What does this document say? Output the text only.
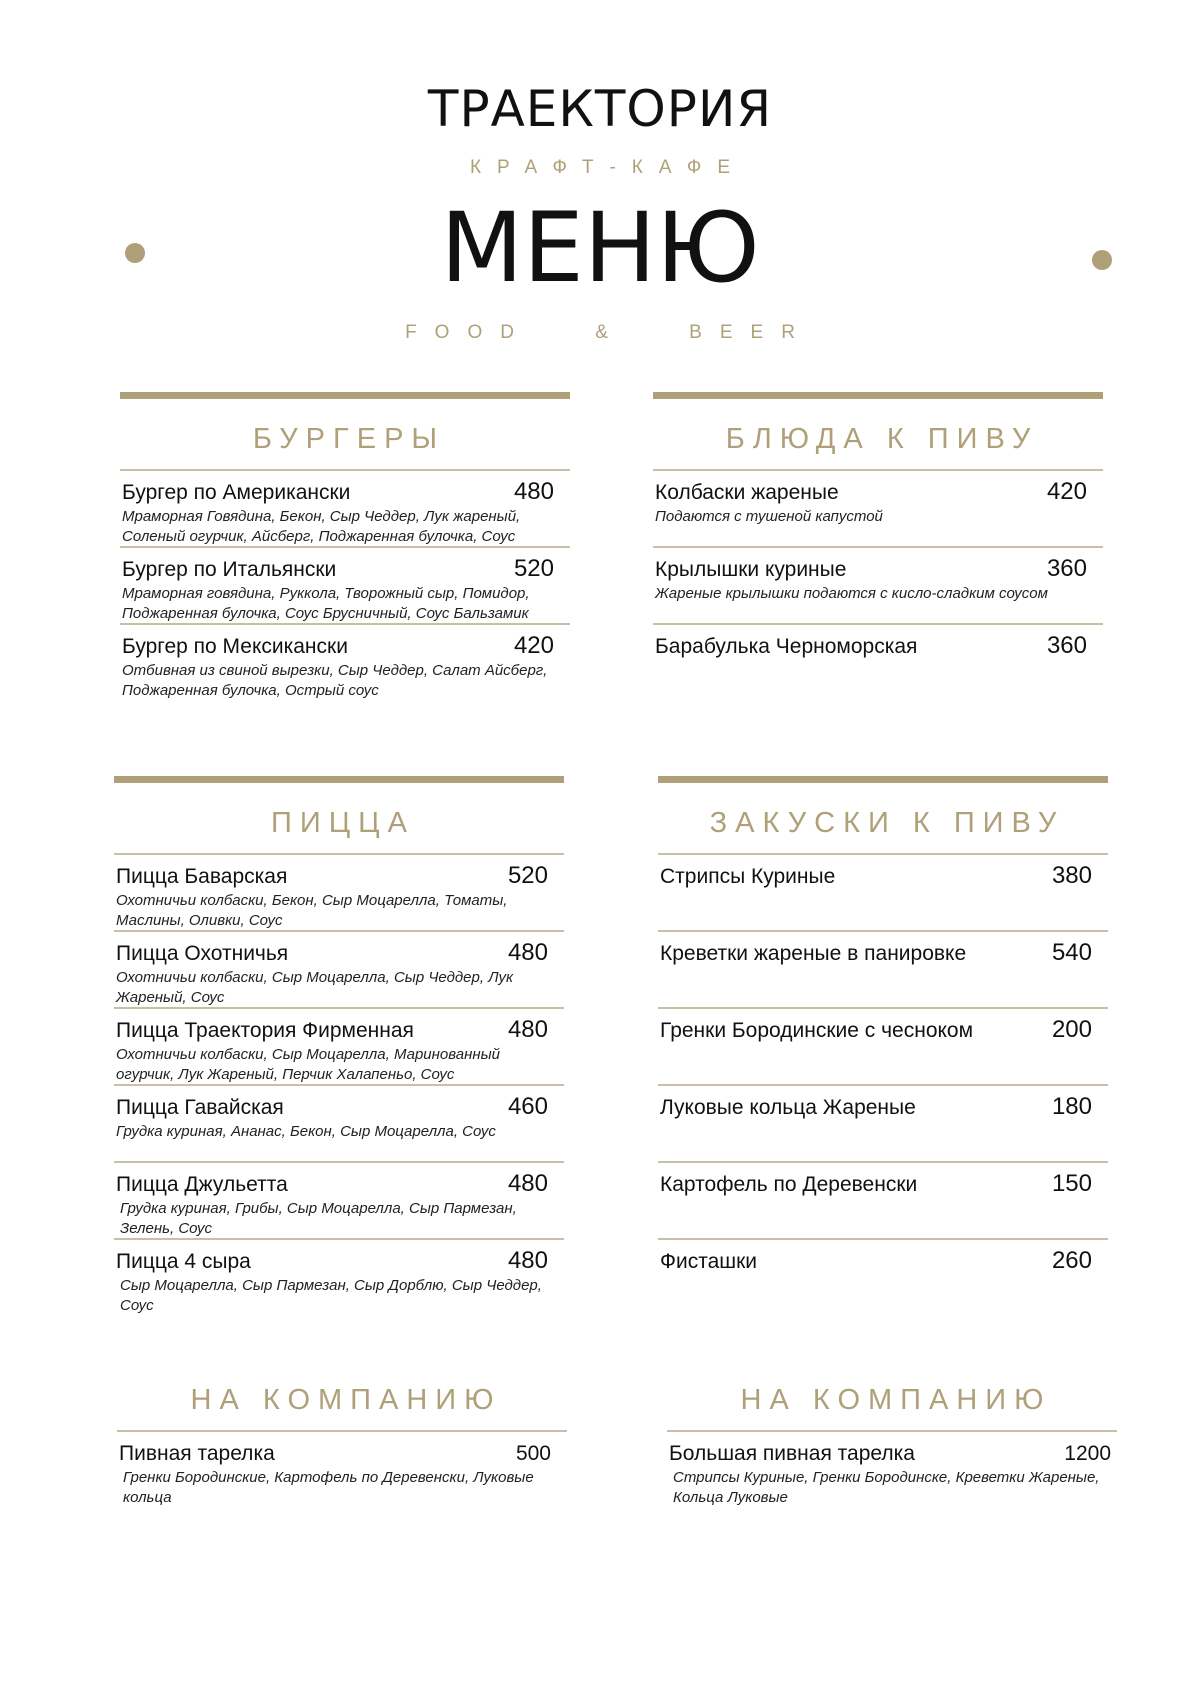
ТРАЕКТОРИЯ
КРАФТ-КАФЕ
МЕНЮ
FOOD & BEER
БУРГЕРЫ
Бургер по Американски	480
Мраморная Говядина, Бекон, Сыр Чеддер, Лук жареный, Соленый огурчик, Айсберг, Поджаренная булочка, Соус
Бургер по Итальянски	520
Мраморная говядина, Руккола, Творожный сыр, Помидор, Поджаренная булочка, Соус Брусничный, Соус Бальзамик
Бургер по Мексикански	420
Отбивная из свиной вырезки, Сыр Чеддер, Салат Айсберг, Поджаренная булочка, Острый соус
БЛЮДА К ПИВУ
Колбаски жареные	420
Подаются с тушеной капустой
Крылышки куриные	360
Жареные крылышки подаются с кисло-сладким соусом
Барабулька Черноморская	360
ПИЦЦА
Пицца Баварская	520
Охотничьи колбаски, Бекон, Сыр Моцарелла, Томаты, Маслины, Оливки, Соус
Пицца Охотничья	480
Охотничьи колбаски, Сыр Моцарелла, Сыр Чеддер, Лук Жареный, Соус
Пицца Траектория Фирменная	480
Охотничьи колбаски, Сыр Моцарелла, Маринованный огурчик, Лук Жареный, Перчик Халапеньо, Соус
Пицца Гавайская	460
Грудка куриная, Ананас, Бекон, Сыр Моцарелла, Соус
Пицца Джульетта	480
Грудка куриная, Грибы, Сыр Моцарелла, Сыр Пармезан, Зелень, Соус
Пицца 4 сыра	480
Сыр Моцарелла, Сыр Пармезан, Сыр Дорблю, Сыр Чеддер, Соус
ЗАКУСКИ К ПИВУ
Стрипсы Куриные	380
Креветки жареные в панировке	540
Гренки Бородинские с чесноком	200
Луковые кольца Жареные	180
Картофель по Деревенски	150
Фисташки	260
НА КОМПАНИЮ
Пивная тарелка	500
Гренки Бородинские, Картофель по Деревенски, Луковые кольца
НА КОМПАНИЮ
Большая пивная тарелка	1200
Стрипсы Куриные, Гренки Бородинске, Креветки Жареные, Кольца Луковые
